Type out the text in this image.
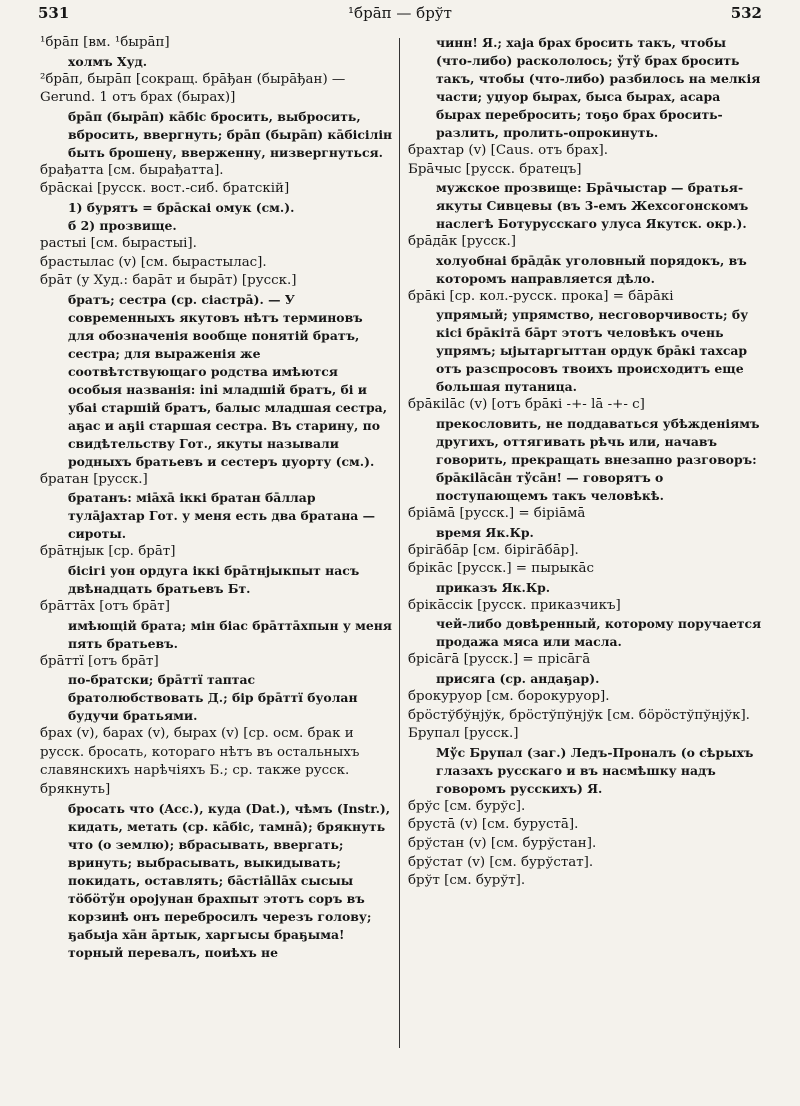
531	¹брāп — брўт	532
¹брāп [вм. ¹бырāп]
холмъ Худ.
²брāп, бырāп [сокращ. брāђан (бырāђан) — Gerund. 1 отъ брах (бырах)]
брāп (бырāп) кāбіс бросить, выбросить, вбросить, ввергнуть; брāп (бырāп) кāбісілін быть брошену, вверженну, низвергнуться.
брађатта [см. бырађатта].
брāскаі [русск. вост.-сиб. братскій]
1) бурятъ = брāскаі омук (см.).
б 2) прозвище.
растыі [см. бырастыі].
брастылас (v) [см. бырастылас].
брāт (у Худ.: барāт и бырāт) [русск.]
братъ; сестра (ср. сіастрā). — У современныхъ якутовъ нѣтъ терминовъ для обозначенія вообще понятій братъ, сестра; для выраженія же соотвѣтствующаго родства имѣются особыя названія: ini младшій братъ, бі и убаі старшій братъ, балыс младшая сестра, аҕас и аҕіі старшая сестра. Въ старину, по свидѣтельству Гот., якуты называли родныхъ братьевъ и сестеръ џуорту (см.).
братан [русск.]
братанъ: міāхā іккі братан бāллар тулāјахтар Гот. у меня есть два братана — сироты.
брāтнјык [ср. брāт]
бісігі уон ордуга іккі брāтнјыкпыт насъ двѣнадцать братьевъ Бт.
брāттāх [отъ брāт]
имѣющій брата; мін біас брāттāхпын у меня пять братьевъ.
брāттї [отъ брāт]
по-братски; брāттї таптас братолюбствовать Д.; бір брāттї буолан будучи братьями.
брах (v), барах (v), бырах (v) [ср. осм. брак и русск. бросать, котораго нѣтъ въ остальныхъ славянскихъ нарѣчіяхъ Б.; ср. также русск. брякнуть]
бросать что (Acc.), куда (Dat.), чѣмъ (Instr.), кидать, метать (ср. кāбіс, тамнā); брякнуть что (о землю); вбрасывать, ввергать; вринуть; выбрасывать, выкидывать; покидать, оставлять; бāстіāllāх сысыы тöбöтўн оројунан брахпыт этотъ соръ въ корзинѣ онъ перебросилъ черезъ голову; ҕабыја хāн āртык, харгысы браҕыма! торный перевалъ, поиѣхъ не
чинн! Я.; хаја брах бросить такъ, чтобы (что-либо) раскололось; ўтў брах бросить такъ, чтобы (что-либо) разбилось на мелкія части; уџуор бырах, быса бырах, асара бырах перебросить; тоҕо брах бросить-разлить, пролить-опрокинуть.
брахтар (v) [Caus. отъ брах].
Брāчыс [русск. братецъ]
мужское прозвище: Брāчыстар — братья-якуты Сивцевы (въ 3-емъ Жехсогонскомъ наслегѣ Ботурусскаго улуса Якутск. окр.).
брāдāк [русск.]
холуобнаі брāдāк уголовный порядокъ, въ которомъ направляется дѣло.
брāкі [ср. кол.-русск. прока] = бāрāкі
упрямый; упрямство, несговорчивость; бу кісі брāкітā бāрт этотъ человѣкъ очень упрямъ; ыјытаргыттан ордук брāкі тахсар отъ разспросовъ твоихъ происходитъ еще большая путаница.
брāкіlāс (v) [отъ брāкі -+- lā -+- с]
прекословить, не поддаваться убѣжденіямъ другихъ, оттягивать рѣчь или, начавъ говорить, прекращать внезапно разговоръ: брāкіlāсāн тўсāн! — говорятъ о поступающемъ такъ человѣкѣ.
бріāмā [русск.] = біріāмā
время Як.Кр.
брігāбāр [см. бірігāбāр].
брікāс [русск.] = пырыкāс
приказъ Як.Кр.
брікāссік [русск. приказчикъ]
чей-либо довѣренный, которому поручается продажа мяса или масла.
брісāгā [русск.] = прісāгā
присяга (ср. андаҕар).
брокуруор [см. борокуруор].
брöстўбўнјўк, брöстўпўнјўк [см. бöрöстўпўнјўк].
Брупал [русск.]
Мўс Брупал (заг.) Ледъ-Проналъ (о сѣрыхъ глазахъ русскаго и въ насмѣшку надъ говоромъ русскихъ) Я.
брўс [см. бурўс].
брустā (v) [см. бурустā].
брўстан (v) [см. бурўстан].
брўстат (v) [см. бурўстат].
брўт [см. бурўт].
